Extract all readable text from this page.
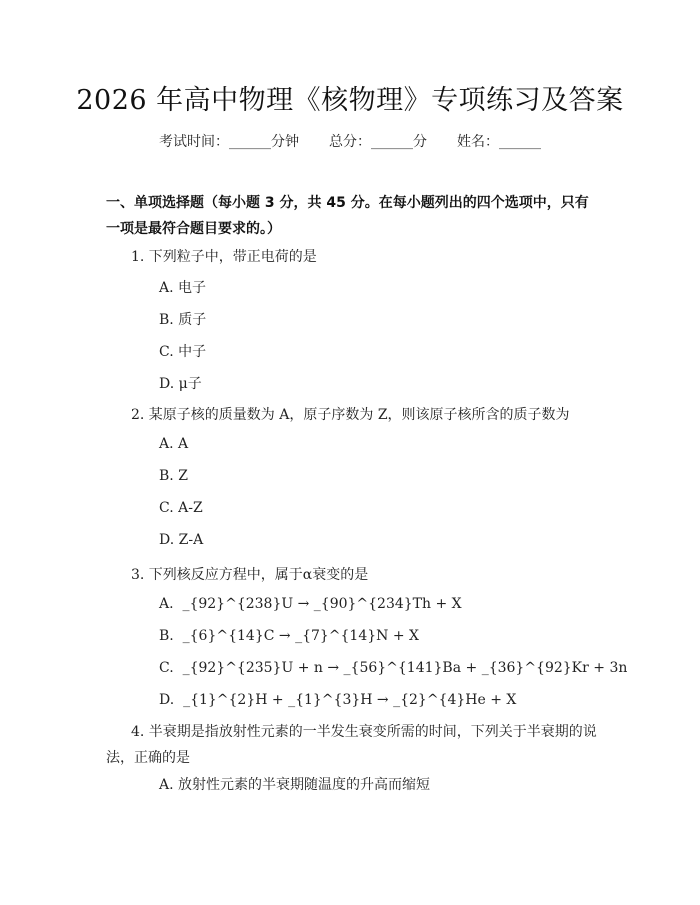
2026 年高中物理《核物理》专项练习及答案
考试时间：______分钟 总分：______分 姓名：______
一、单项选择题（每小题 3 分，共 45 分。在每小题列出的四个选项中，只有一项是最符合题目要求的。）
1. 下列粒子中，带正电荷的是
A. 电子
B. 质子
C. 中子
D. μ子
2. 某原子核的质量数为 A，原子序数为 Z，则该原子核所含的质子数为
A. A
B. Z
C. A-Z
D. Z-A
3. 下列核反应方程中，属于α衰变的是
A.  _{92}^{238}U → _{90}^{234}Th + X
B.  _{6}^{14}C → _{7}^{14}N + X
C.  _{92}^{235}U + n → _{56}^{141}Ba + _{36}^{92}Kr + 3n
D.  _{1}^{2}H + _{1}^{3}H → _{2}^{4}He + X
4. 半衰期是指放射性元素的一半发生衰变所需的时间，下列关于半衰期的说法，正确的是
A. 放射性元素的半衰期随温度的升高而缩短
